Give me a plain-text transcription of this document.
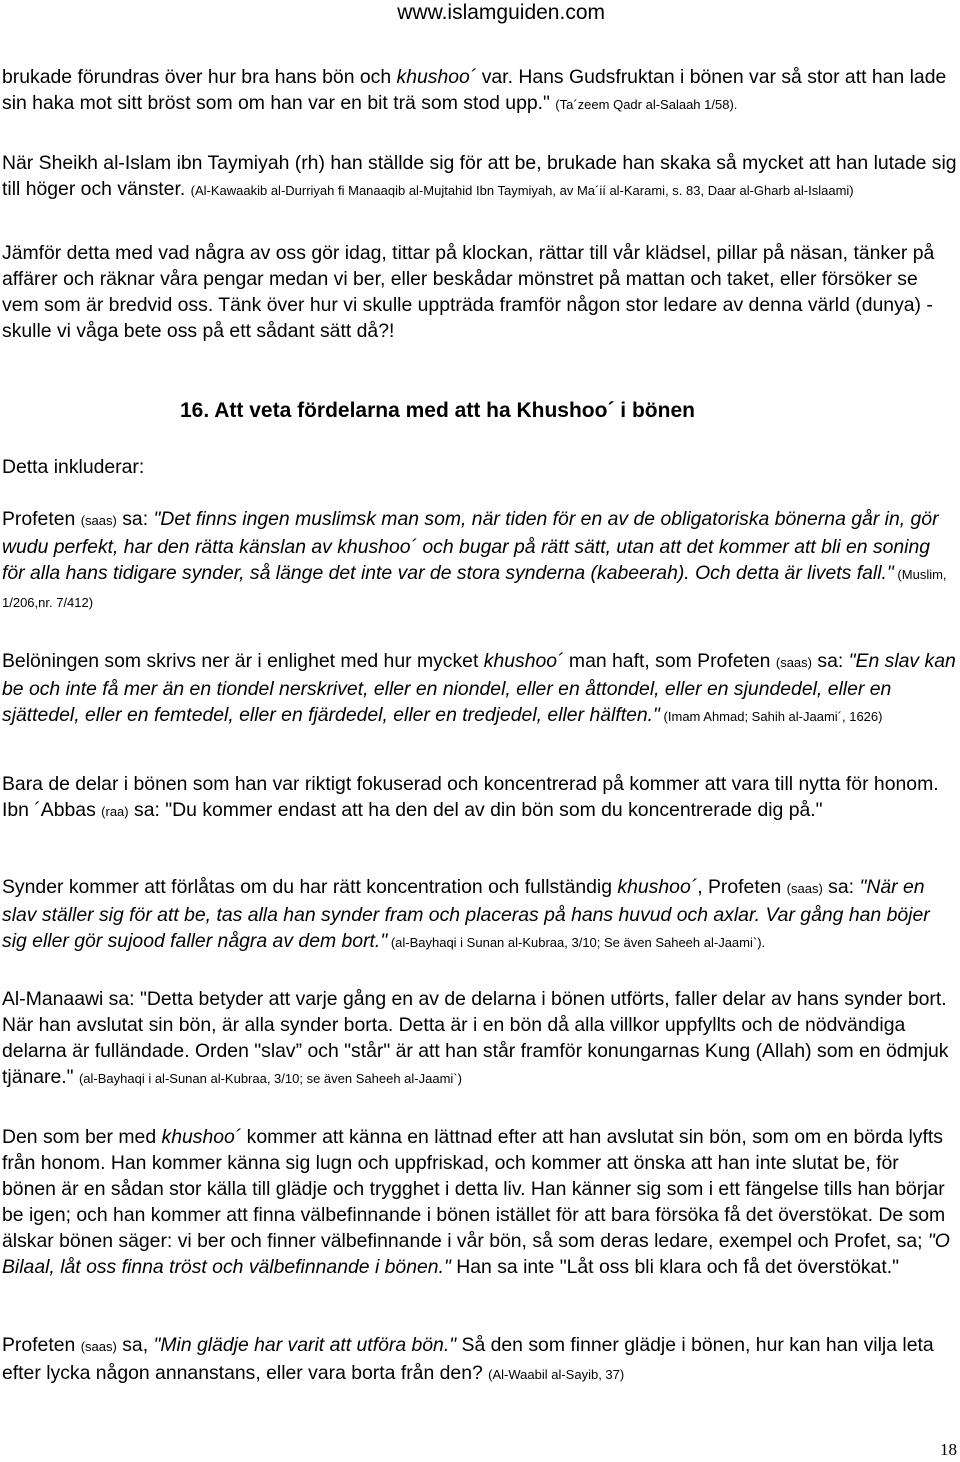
www.islamguiden.com
brukade förundras över hur bra hans bön och khushoo´ var. Hans Gudsfruktan i bönen var så stor att han lade sin haka mot sitt bröst som om han var en bit trä som stod upp." (Ta´zeem Qadr al-Salaah 1/58).
När Sheikh al-Islam ibn Taymiyah (rh) han ställde sig för att be, brukade han skaka så mycket att han lutade sig till höger och vänster. (Al-Kawaakib al-Durriyah fi Manaaqib al-Mujtahid Ibn Taymiyah, av Ma´ií al-Karami, s. 83, Daar al-Gharb al-Islaami)
Jämför detta med vad några av oss gör idag, tittar på klockan, rättar till vår klädsel, pillar på näsan, tänker på affärer och räknar våra pengar medan vi ber, eller beskådar mönstret på mattan och taket, eller försöker se vem som är bredvid oss. Tänk över hur vi skulle uppträda framför någon stor ledare av denna värld (dunya) -skulle vi våga bete oss på ett sådant sätt då?!
16. Att veta fördelarna med att ha Khushoo´ i bönen
Detta inkluderar:
Profeten (saas) sa: "Det finns ingen muslimsk man som, när tiden för en av de obligatoriska bönerna går in, gör wudu perfekt, har den rätta känslan av khushoo´ och bugar på rätt sätt, utan att det kommer att bli en soning för alla hans tidigare synder, så länge det inte var de stora synderna (kabeerah). Och detta är livets fall." (Muslim, 1/206,nr. 7/412)
Belöningen som skrivs ner är i enlighet med hur mycket khushoo´ man haft, som Profeten (saas) sa: "En slav kan be och inte få mer än en tiondel nerskrivet, eller en niondel, eller en åttondel, eller en sjundedel, eller en sjättedel, eller en femtedel, eller en fjärdedel, eller en tredjedel, eller hälften." (Imam Ahmad; Sahih al-Jaami´, 1626)
Bara de delar i bönen som han var riktigt fokuserad och koncentrerad på kommer att vara till nytta för honom. Ibn ´Abbas (raa) sa: "Du kommer endast att ha den del av din bön som du koncentrerade dig på."
Synder kommer att förlåtas om du har rätt koncentration och fullständig khushoo´, Profeten (saas) sa: "När en slav ställer sig för att be, tas alla han synder fram och placeras på hans huvud och axlar. Var gång han böjer sig eller gör sujood faller några av dem bort." (al-Bayhaqi i Sunan al-Kubraa, 3/10; Se även Saheeh al-Jaami`).
Al-Manaawi sa: "Detta betyder att varje gång en av de delarna i bönen utförts, faller delar av hans synder bort. När han avslutat sin bön, är alla synder borta. Detta är i en bön då alla villkor uppfyllts och de nödvändiga delarna är fulländade. Orden "slav” och "står" är att han står framför konungarnas Kung (Allah) som en ödmjuk tjänare." (al-Bayhaqi i al-Sunan al-Kubraa, 3/10; se även Saheeh al-Jaami`)
Den som ber med khushoo´ kommer att känna en lättnad efter att han avslutat sin bön, som om en börda lyfts från honom. Han kommer känna sig lugn och uppfriskad, och kommer att önska att han inte slutat be, för bönen är en sådan stor källa till glädje och trygghet i detta liv. Han känner sig som i ett fängelse tills han börjar be igen; och han kommer att finna välbefinnande i bönen istället för att bara försöka få det överstökat. De som älskar bönen säger: vi ber och finner välbefinnande i vår bön, så som deras ledare, exempel och Profet, sa; "O Bilaal, låt oss finna tröst och välbefinnande i bönen." Han sa inte "Låt oss bli klara och få det överstökat."
Profeten (saas) sa, "Min glädje har varit att utföra bön." Så den som finner glädje i bönen, hur kan han vilja leta efter lycka någon annanstans, eller vara borta från den? (Al-Waabil al-Sayib, 37)
18
